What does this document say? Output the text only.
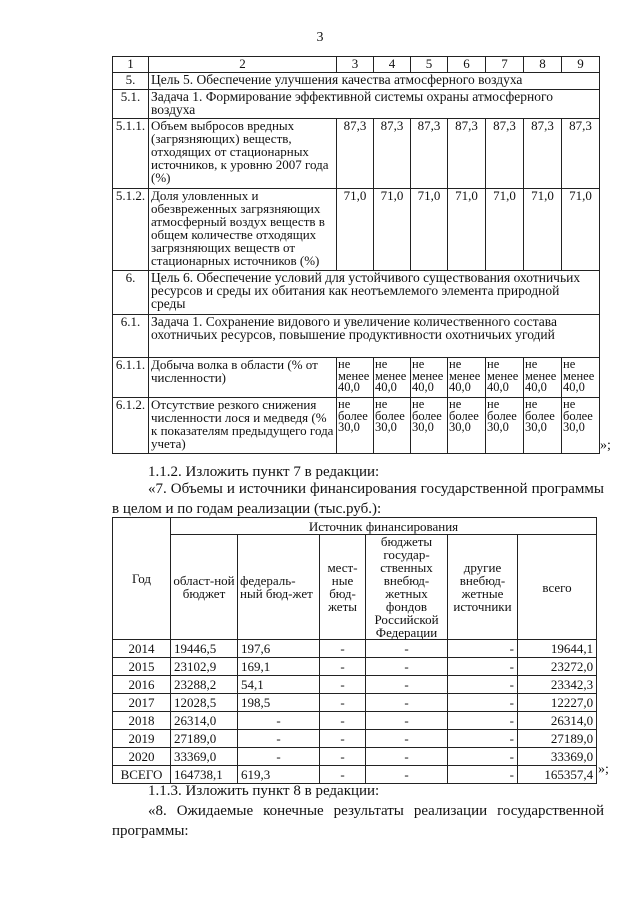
3
1	2	3	4	5	6	7	8	9
5.	Цель 5. Обеспечение улучшения качества атмосферного воздуха							
5.1.	Задача 1. Формирование эффективной системы охраны атмосферного воздуха							
5.1.1.	Объем выбросов вредных (загрязняющих) веществ, отходящих от стационарных источников, к уровню 2007 года (%)	87,3	87,3	87,3	87,3	87,3	87,3	87,3
5.1.2.	Доля уловленных и обезвреженных загрязняющих атмосферный воздух веществ в общем количестве отходящих загрязняющих веществ от стационарных источников (%)	71,0	71,0	71,0	71,0	71,0	71,0	71,0
6.	Цель 6. Обеспечение условий для устойчивого существования охотничьих ресурсов и среды их обитания как неотъемлемого элемента природной среды							
6.1.	Задача 1. Сохранение видового и увеличение количественного состава охотничьих ресурсов, повышение продуктивности охотничьих угодий							
6.1.1.	Добыча волка в области (% от численности)	не менее 40,0	не менее 40,0	не менее 40,0	не менее 40,0	не менее 40,0	не менее 40,0	не менее 40,0
6.1.2.	Отсутствие резкого снижения численности лося и медведя (% к показателям предыдущего года учета)	не более 30,0	не более 30,0	не более 30,0	не более 30,0	не более 30,0	не более 30,0	не более 30,0
»;

1.1.2. Изложить пункт 7 в редакции:

«7. Объемы и источники финансирования государственной программы в целом и по годам реализации (тыс.руб.):

Год	Источник финансирования					
	област-ной бюджет	федераль-ный бюд-жет	мест-ные бюд-жеты	бюджеты государ-ственных внебюд-жетных фондов Российской Федерации	другие внебюд-жетные источники	всего
2014	19446,5	197,6	-	-	-	19644,1
2015	23102,9	169,1	-	-	-	23272,0
2016	23288,2	54,1	-	-	-	23342,3
2017	12028,5	198,5	-	-	-	12227,0
2018	26314,0	-	-	-	-	26314,0
2019	27189,0	-	-	-	-	27189,0
2020	33369,0	-	-	-	-	33369,0
ВСЕГО	164738,1	619,3	-	-	-	165357,4 »;

1.1.3. Изложить пункт 8 в редакции:

«8. Ожидаемые конечные результаты реализации государственной программы:
